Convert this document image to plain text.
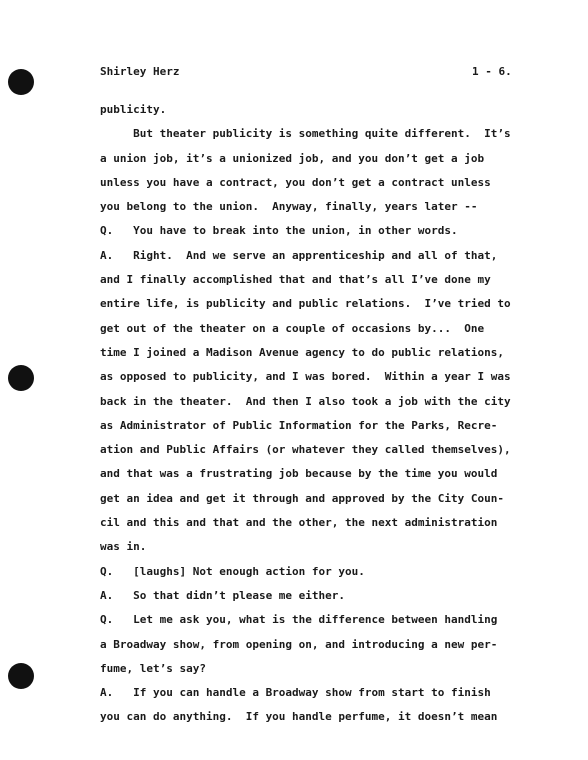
Shirley Herz	1 - 6.
publicity.
But theater publicity is something quite different.  It’s
a union job, it’s a unionized job, and you don’t get a job
unless you have a contract, you don’t get a contract unless
you belong to the union.  Anyway, finally, years later --
Q.   You have to break into the union, in other words.
A.   Right.  And we serve an apprenticeship and all of that,
and I finally accomplished that and that’s all I’ve done my
entire life, is publicity and public relations.  I’ve tried to
get out of the theater on a couple of occasions by...  One
time I joined a Madison Avenue agency to do public relations,
as opposed to publicity, and I was bored.  Within a year I was
back in the theater.  And then I also took a job with the city
as Administrator of Public Information for the Parks, Recre-
ation and Public Affairs (or whatever they called themselves),
and that was a frustrating job because by the time you would
get an idea and get it through and approved by the City Coun-
cil and this and that and the other, the next administration
was in.
Q.   [laughs] Not enough action for you.
A.   So that didn’t please me either.
Q.   Let me ask you, what is the difference between handling
a Broadway show, from opening on, and introducing a new per-
fume, let’s say?
A.   If you can handle a Broadway show from start to finish
you can do anything.  If you handle perfume, it doesn’t mean
